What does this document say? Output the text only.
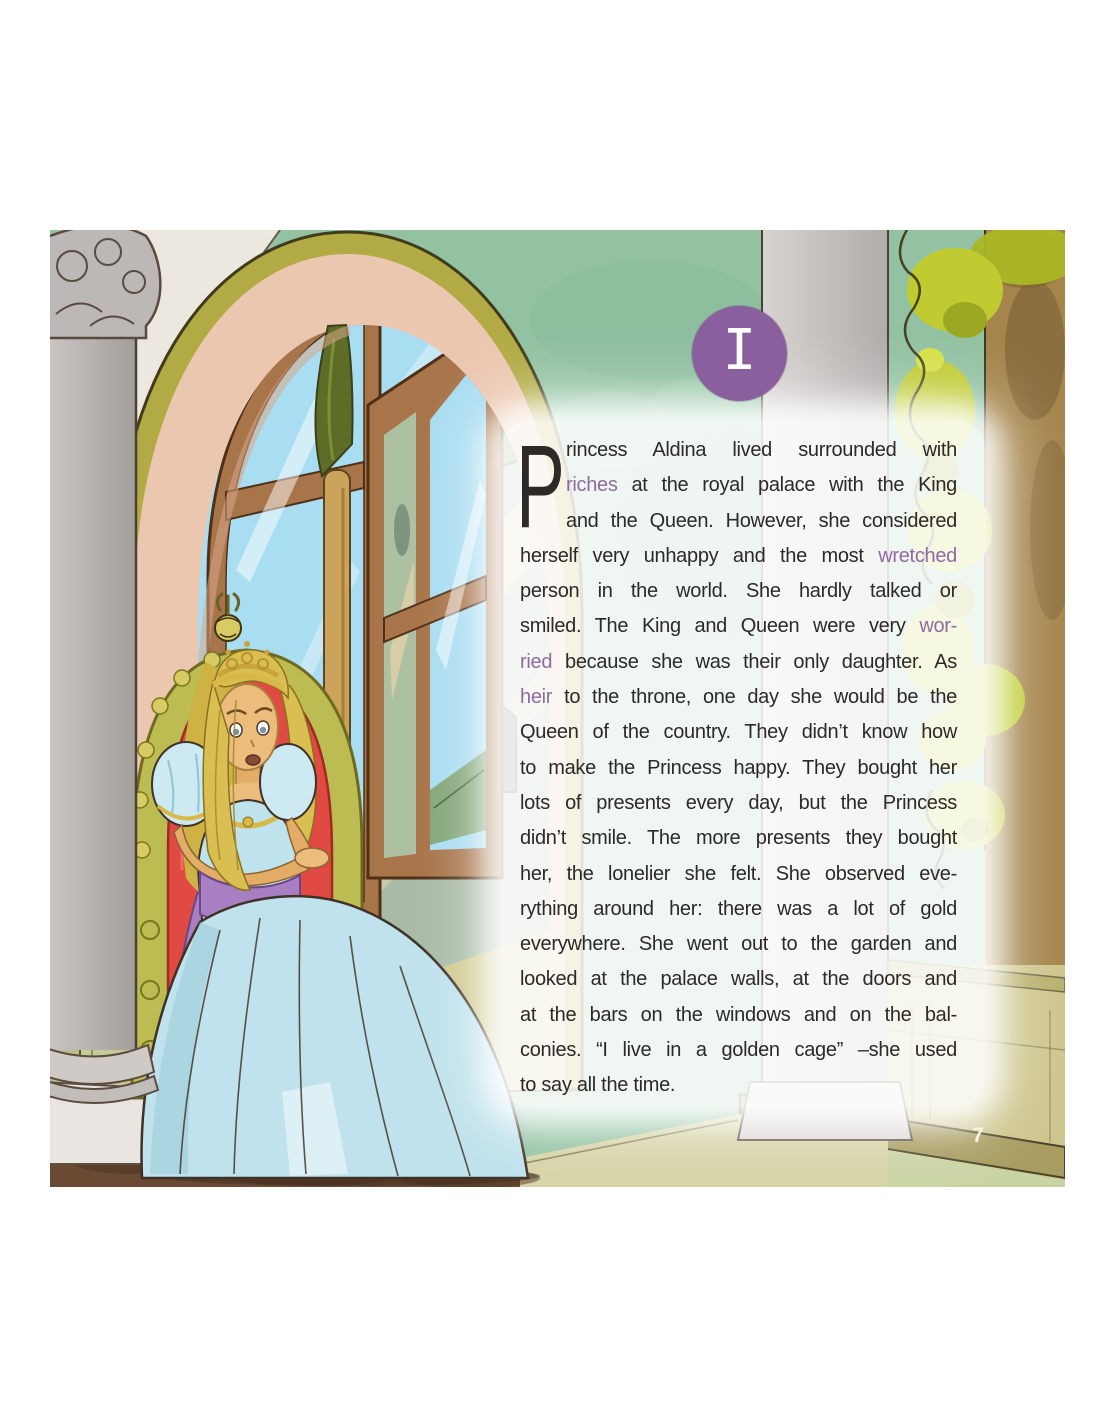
I
P rincess Aldina lived surrounded with
riches at the royal palace with the King
and the Queen. However, she considered
herself very unhappy and the most wretched
person in the world. She hardly talked or
smiled. The King and Queen were very wor-
ried because she was their only daughter. As
heir to the throne, one day she would be the
Queen of the country. They didn’t know how
to make the Princess happy. They bought her
lots of presents every day, but the Princess
didn’t smile. The more presents they bought
her, the lonelier she felt. She observed eve-
rything around her: there was a lot of gold
everywhere. She went out to the garden and
looked at the palace walls, at the doors and
at the bars on the windows and on the bal-
conies. “I live in a golden cage” –she used
to say all the time.
7
